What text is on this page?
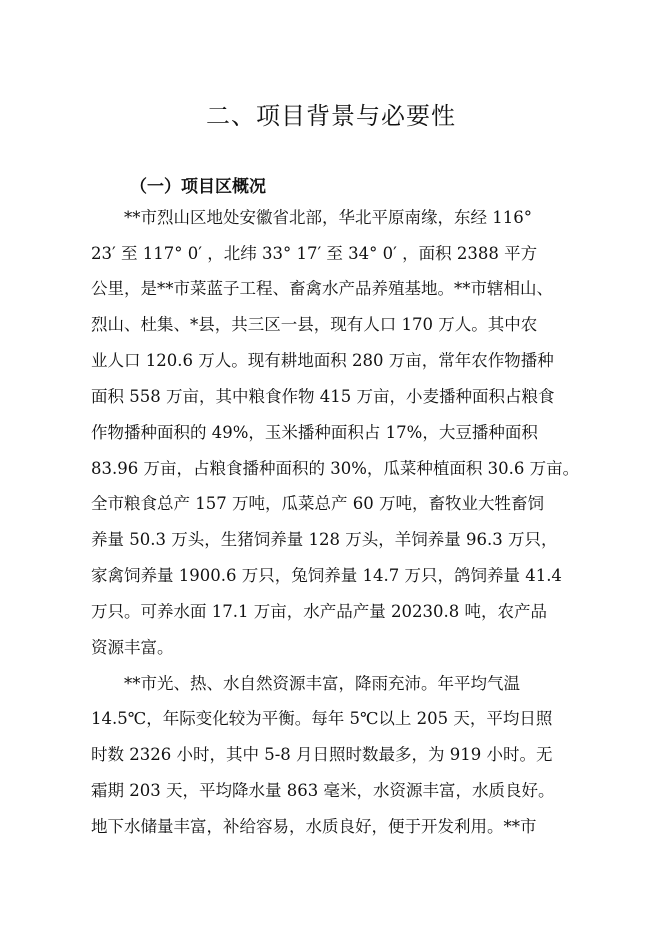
二、项目背景与必要性
（一）项目区概况

**市烈山区地处安徽省北部，华北平原南缘，东经 116°

23′ 至 117° 0′ ，北纬 33° 17′ 至 34° 0′ ，面积 2388 平方

公里，是**市菜蓝子工程、畜禽水产品养殖基地。**市辖相山、

烈山、杜集、*县，共三区一县，现有人口 170 万人。其中农

业人口 120.6 万人。现有耕地面积 280 万亩，常年农作物播种

面积 558 万亩，其中粮食作物 415 万亩，小麦播种面积占粮食

作物播种面积的 49%，玉米播种面积占 17%，大豆播种面积

83.96 万亩，占粮食播种面积的 30%，瓜菜种植面积 30.6 万亩。

全市粮食总产 157 万吨，瓜菜总产 60 万吨，畜牧业大牲畜饲

养量 50.3 万头，生猪饲养量 128 万头，羊饲养量 96.3 万只，

家禽饲养量 1900.6 万只，兔饲养量 14.7 万只，鸽饲养量 41.4

万只。可养水面 17.1 万亩，水产品产量 20230.8 吨，农产品

资源丰富。

**市光、热、水自然资源丰富，降雨充沛。年平均气温

14.5℃，年际变化较为平衡。每年 5℃以上 205 天，平均日照

时数 2326 小时，其中 5-8 月日照时数最多，为 919 小时。无

霜期 203 天，平均降水量 863 毫米，水资源丰富，水质良好。

地下水储量丰富，补给容易，水质良好，便于开发利用。**市
